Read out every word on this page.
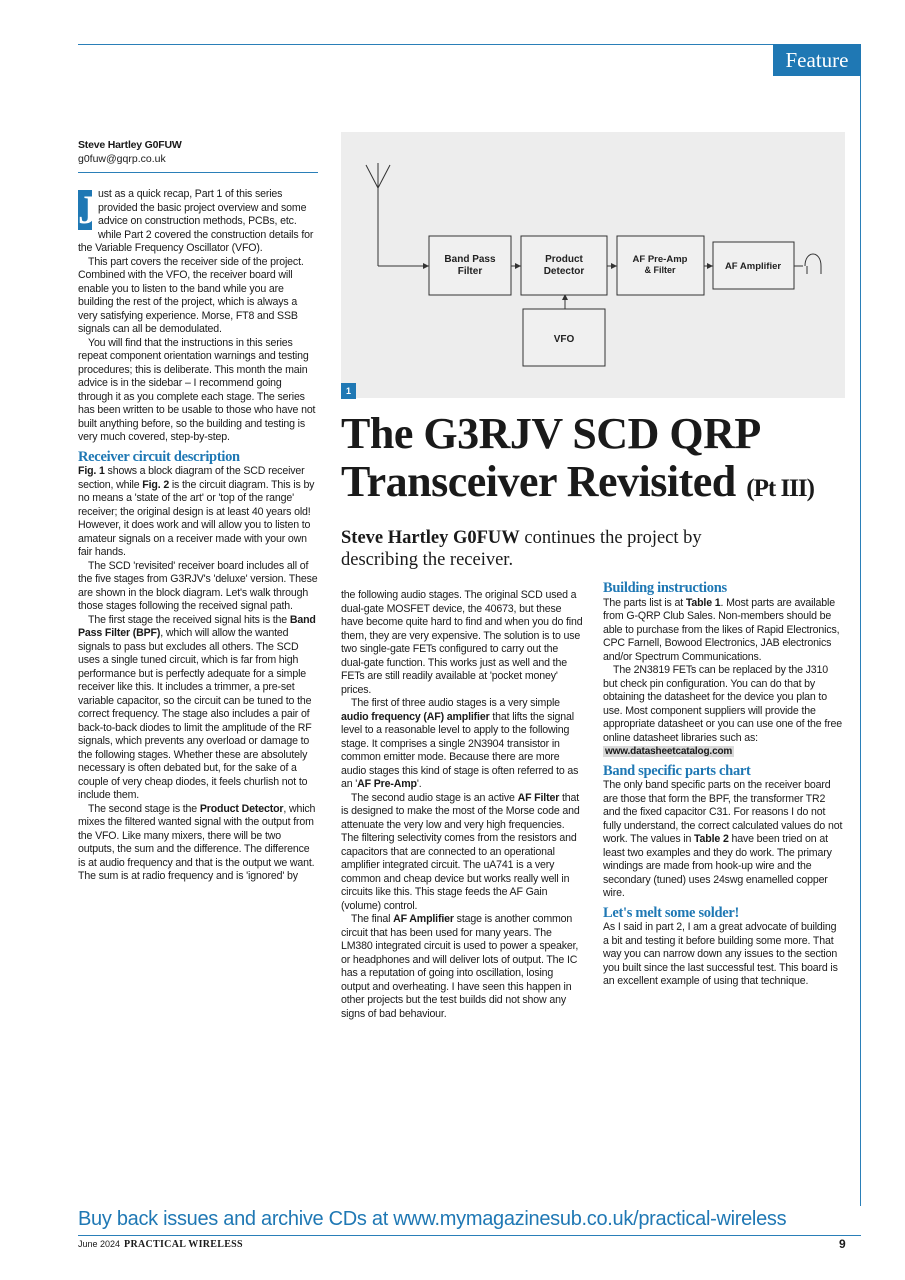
Feature
Steve Hartley G0FUW
g0fuw@gqrp.co.uk

J ust as a quick recap, Part 1 of this series provided the basic project overview and some advice on construction methods, PCBs, etc. while Part 2 covered the construction details for the Variable Frequency Oscillator (VFO).

This part covers the receiver side of the project. Combined with the VFO, the receiver board will enable you to listen to the band while you are building the rest of the project, which is always a very satisfying experience. Morse, FT8 and SSB signals can all be demodulated.

You will find that the instructions in this series repeat component orientation warnings and testing procedures; this is deliberate. This month the main advice is in the sidebar – I recommend going through it as you complete each stage. The series has been written to be usable to those who have not built anything before, so the building and testing is very much covered, step-by-step.

Receiver circuit description

Fig. 1 shows a block diagram of the SCD receiver section, while Fig. 2 is the circuit diagram. This is by no means a 'state of the art' or 'top of the range' receiver; the original design is at least 40 years old! However, it does work and will allow you to listen to amateur signals on a receiver made with your own fair hands.

The SCD 'revisited' receiver board includes all of the five stages from G3RJV's 'deluxe' version. These are shown in the block diagram. Let's walk through those stages following the received signal path.

The first stage the received signal hits is the Band Pass Filter (BPF), which will allow the wanted signals to pass but excludes all others. The SCD uses a single tuned circuit, which is far from high performance but is perfectly adequate for a simple receiver like this. It includes a trimmer, a pre-set variable capacitor, so the circuit can be tuned to the correct frequency. The stage also includes a pair of back-to-back diodes to limit the amplitude of the RF signals, which prevents any overload or damage to the following stages. Whether these are absolutely necessary is often debated but, for the sake of a couple of very cheap diodes, it feels churlish not to include them.

The second stage is the Product Detector, which mixes the filtered wanted signal with the output from the VFO. Like many mixers, there will be two outputs, the sum and the difference. The difference is at audio frequency and that is the output we want. The sum is at radio frequency and is 'ignored' by

Band Pass
Filter
Product
Detector
AF Pre-Amp
& Filter	AF Amplifier
VFO
1
The G3RJV SCD QRP Transceiver Revisited (Pt III)

Steve Hartley G0FUW continues the project by describing the receiver.

the following audio stages. The original SCD used a dual-gate MOSFET device, the 40673, but these have become quite hard to find and when you do find them, they are very expensive. The solution is to use two single-gate FETs configured to carry out the dual-gate function. This works just as well and the FETs are still readily available at 'pocket money' prices.

The first of three audio stages is a very simple audio frequency (AF) amplifier that lifts the signal level to a reasonable level to apply to the following stage. It comprises a single 2N3904 transistor in common emitter mode. Because there are more audio stages this kind of stage is often referred to as an 'AF Pre-Amp'.

The second audio stage is an active AF Filter that is designed to make the most of the Morse code and attenuate the very low and very high frequencies. The filtering selectivity comes from the resistors and capacitors that are connected to an operational amplifier integrated circuit. The uA741 is a very common and cheap device but works really well in circuits like this. This stage feeds the AF Gain (volume) control.

The final AF Amplifier stage is another common circuit that has been used for many years. The LM380 integrated circuit is used to power a speaker, or headphones and will deliver lots of output. The IC has a reputation of going into oscillation, losing output and overheating. I have seen this happen in other projects but the test builds did not show any signs of bad behaviour.

Building instructions

The parts list is at Table 1. Most parts are available from G-QRP Club Sales. Non-members should be able to purchase from the likes of Rapid Electronics, CPC Farnell, Bowood Electronics, JAB electronics and/or Spectrum Communications.

The 2N3819 FETs can be replaced by the J310 but check pin configuration. You can do that by obtaining the datasheet for the device you plan to use. Most component suppliers will provide the appropriate datasheet or you can use one of the free online datasheet libraries such as:

www.datasheetcatalog.com

Band specific parts chart

The only band specific parts on the receiver board are those that form the BPF, the transformer TR2 and the fixed capacitor C31. For reasons I do not fully understand, the correct calculated values do not work. The values in Table 2 have been tried on at least two examples and they do work. The primary windings are made from hook-up wire and the secondary (tuned) uses 24swg enamelled copper wire.

Let's melt some solder!

As I said in part 2, I am a great advocate of building a bit and testing it before building some more. That way you can narrow down any issues to the section you built since the last successful test. This board is an excellent example of using that technique.

Buy back issues and archive CDs at www.mymagazinesub.co.uk/practical-wireless
June 2024 PRACTICAL WIRELESS	9
